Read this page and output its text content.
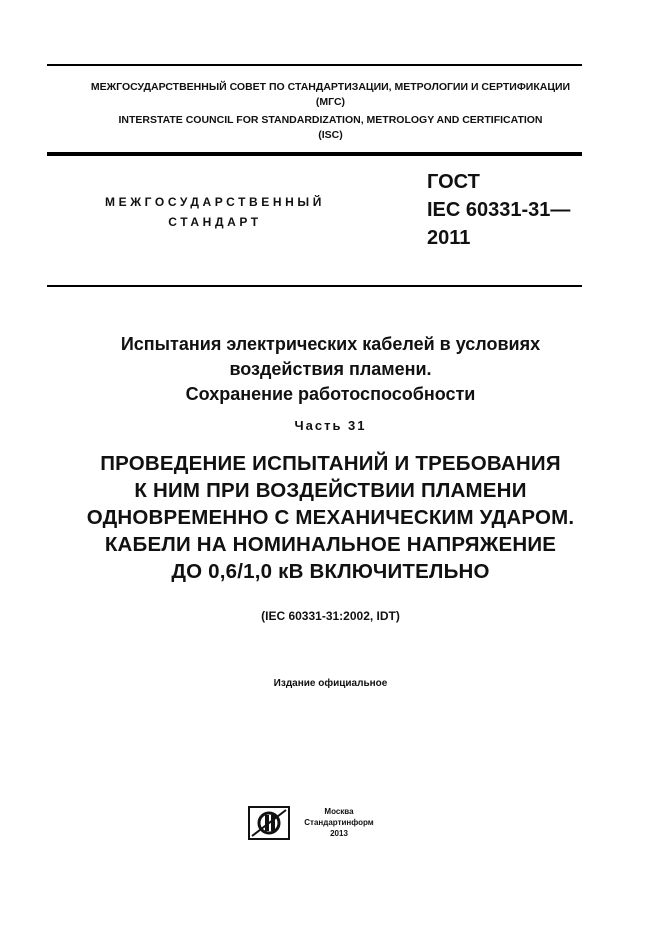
МЕЖГОСУДАРСТВЕННЫЙ СОВЕТ ПО СТАНДАРТИЗАЦИИ, МЕТРОЛОГИИ И СЕРТИФИКАЦИИ
(МГС)
INTERSTATE COUNCIL FOR STANDARDIZATION, METROLOGY AND CERTIFICATION
(ISC)
МЕЖГОСУДАРСТВЕННЫЙ
СТАНДАРТ
ГОСТ
IEC 60331-31—
2011
Испытания электрических кабелей в условиях
воздействия пламени.
Сохранение работоспособности
Часть 31
ПРОВЕДЕНИЕ ИСПЫТАНИЙ И ТРЕБОВАНИЯ
К НИМ ПРИ ВОЗДЕЙСТВИИ ПЛАМЕНИ
ОДНОВРЕМЕННО С МЕХАНИЧЕСКИМ УДАРОМ.
КАБЕЛИ НА НОМИНАЛЬНОЕ НАПРЯЖЕНИЕ
ДО 0,6/1,0 кВ ВКЛЮЧИТЕЛЬНО
(IEC 60331-31:2002, IDT)
Издание официальное
Москва
Стандартинформ
2013
